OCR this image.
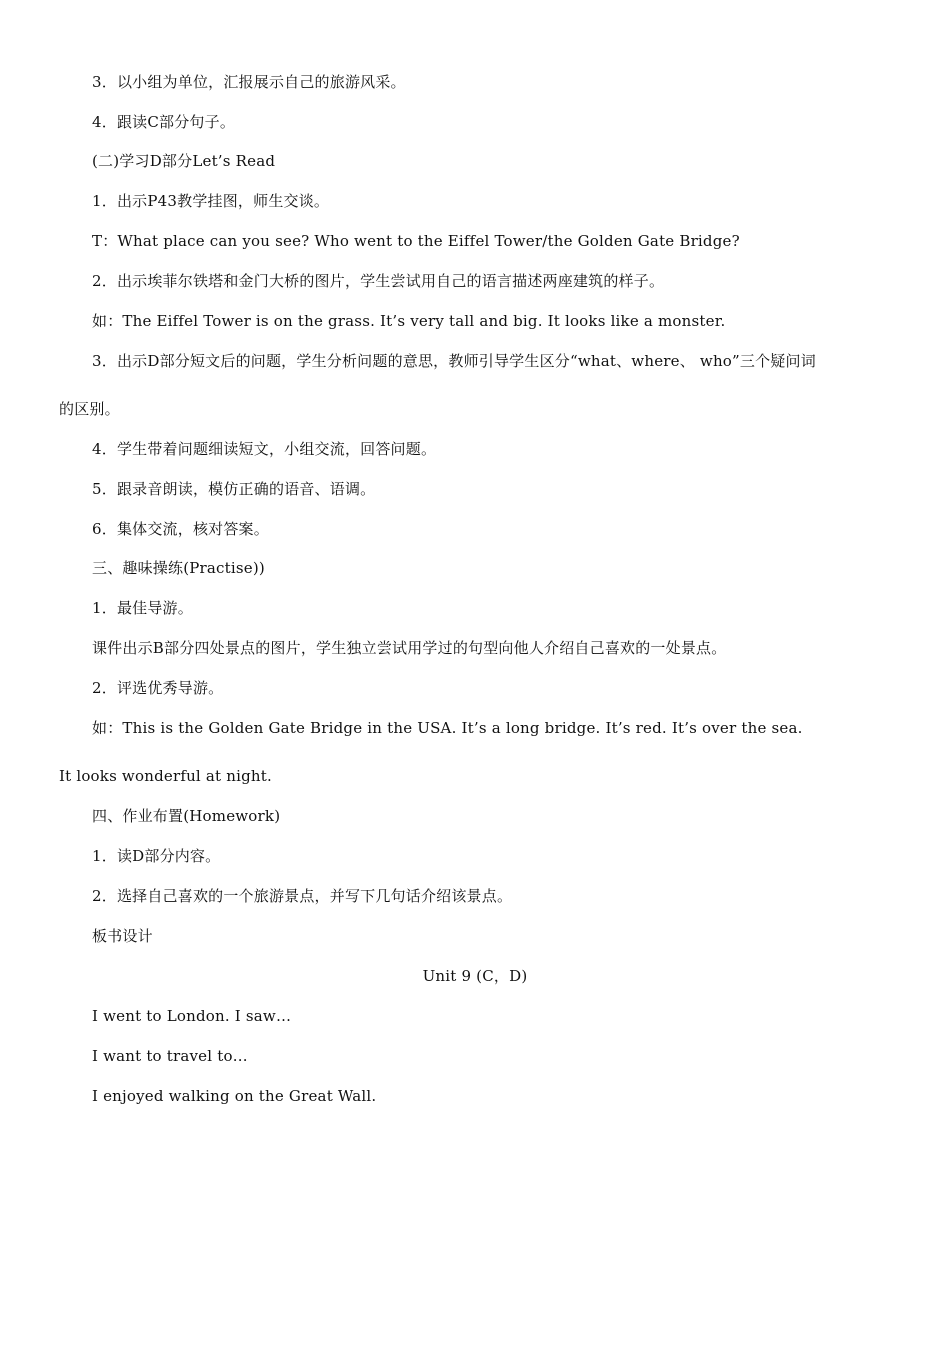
3．以小组为单位，汇报展示自己的旅游风采。
4．跟读C部分句子。
(二)学习D部分Let’s Read
1．出示P43教学挂图，师生交谈。
T：What place can you see? Who went to the Eiffel Tower/the Golden Gate Bridge?
2．出示埃菲尔铁塔和金门大桥的图片，学生尝试用自己的语言描述两座建筑的样子。
如：The Eiffel Tower is on the grass. It’s very tall and big. It looks like a monster.
3．出示D部分短文后的问题，学生分析问题的意思，教师引导学生区分“what、where、 who”三个疑问词
的区别。
4．学生带着问题细读短文，小组交流，回答问题。
5．跟录音朗读，模仿正确的语音、语调。
6．集体交流，核对答案。
三、趣味操练(Practise))
1．最佳导游。
课件出示B部分四处景点的图片，学生独立尝试用学过的句型向他人介绍自己喜欢的一处景点。
2．评选优秀导游。
如：This is the Golden Gate Bridge in the USA. It’s a long bridge. It’s red. It’s over the sea.
It looks wonderful at night.
四、作业布置(Homework)
1．读D部分内容。
2．选择自己喜欢的一个旅游景点，并写下几句话介绍该景点。
板书设计
Unit 9 (C，D)
I went to London. I saw…
I want to travel to…
I enjoyed walking on the Great Wall.
